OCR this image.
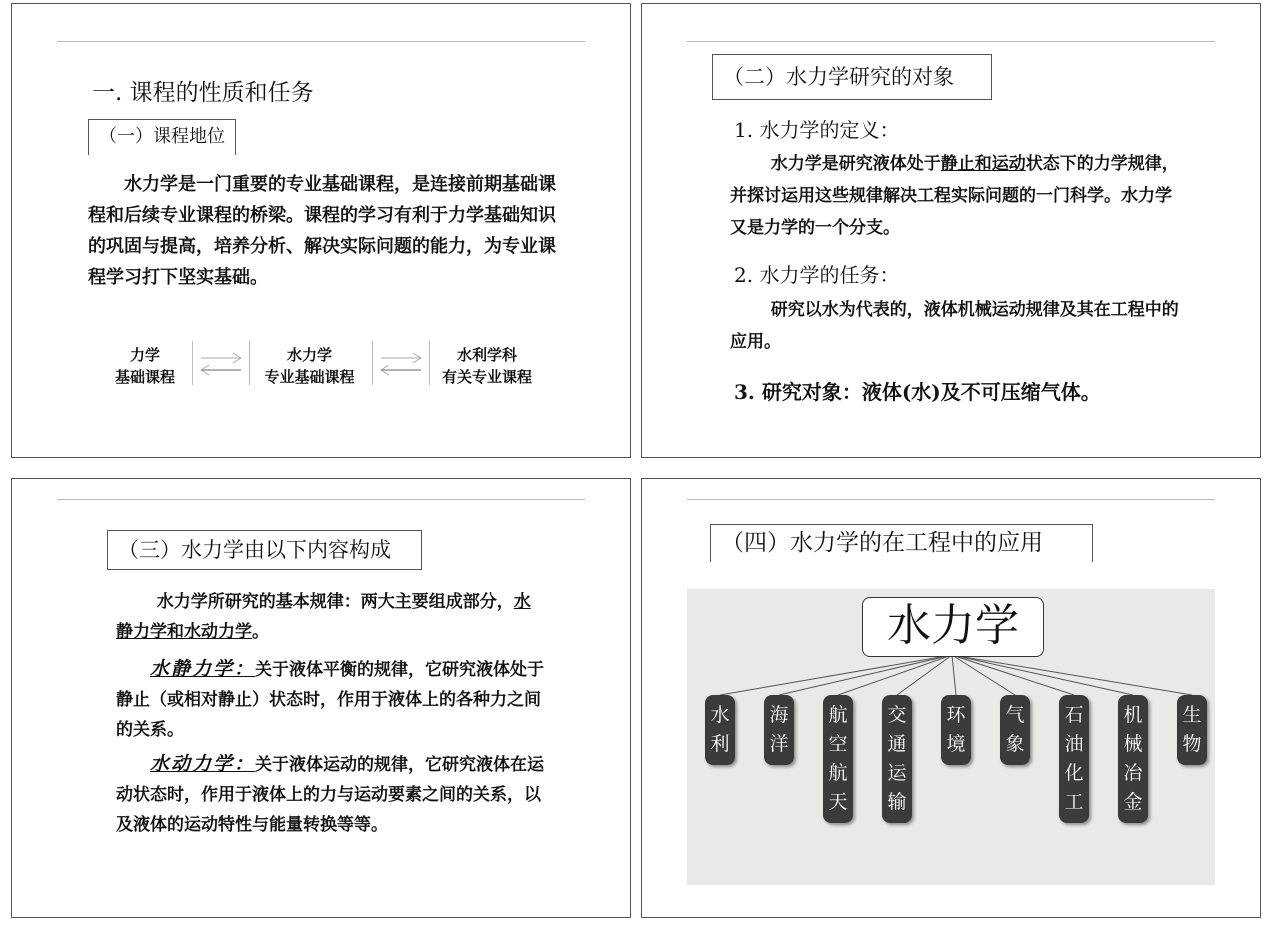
一. 课程的性质和任务
（一）课程地位
水力学是一门重要的专业基础课程，是连接前期基础课程和后续专业课程的桥梁。课程的学习有利于力学基础知识的巩固与提高，培养分析、解决实际问题的能力，为专业课程学习打下坚实基础。
力学
基础课程
水力学
专业基础课程
水利学科
有关专业课程
（二）水力学研究的对象
1. 水力学的定义：
水力学是研究液体处于静止和运动状态下的力学规律，并探讨运用这些规律解决工程实际问题的一门科学。水力学又是力学的一个分支。
2. 水力学的任务：
研究以水为代表的，液体机械运动规律及其在工程中的应用。
3. 研究对象：液体(水)及不可压缩气体。
（三）水力学由以下内容构成
水力学所研究的基本规律：两大主要组成部分，水静力学和水动力学。
水静力学：关于液体平衡的规律，它研究液体处于静止（或相对静止）状态时，作用于液体上的各种力之间的关系。
水动力学：关于液体运动的规律，它研究液体在运动状态时，作用于液体上的力与运动要素之间的关系，以及液体的运动特性与能量转换等等。
（四）水力学的在工程中的应用
水力学
水
利
海
洋
航
空
航
天
交
通
运
输
环
境
气
象
石
油
化
工
机
械
冶
金
生
物
